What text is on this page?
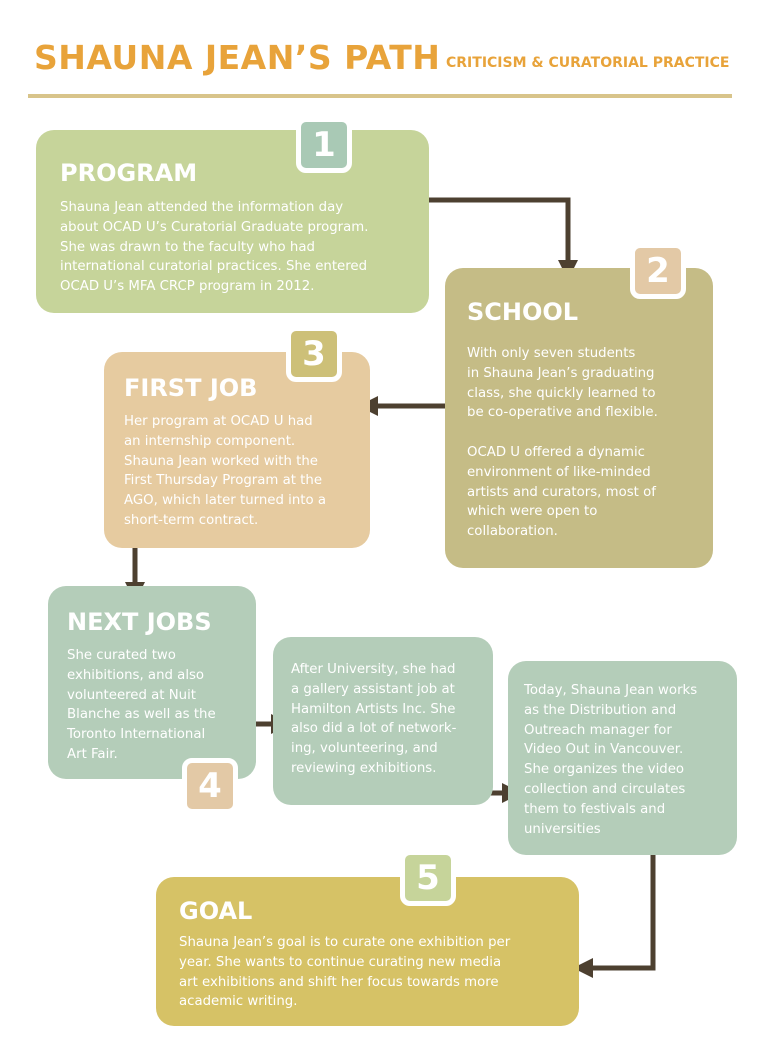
SHAUNA JEAN’S PATH CRITICISM & CURATORIAL PRACTICE
PROGRAM

Shauna Jean attended the information day
about OCAD U’s Curatorial Graduate program.
She was drawn to the faculty who had
international curatorial practices. She entered
OCAD U’s MFA CRCP program in 2012.

1
SCHOOL

With only seven students
in Shauna Jean’s graduating
class, she quickly learned to
be co-operative and flexible.

OCAD U offered a dynamic
environment of like-minded
artists and curators, most of
which were open to
collaboration.

2
FIRST JOB

Her program at OCAD U had
an internship component.
Shauna Jean worked with the
First Thursday Program at the
AGO, which later turned into a
short-term contract.

3
NEXT JOBS

She curated two
exhibitions, and also
volunteered at Nuit
Blanche as well as the
Toronto International
Art Fair.

4

After University, she had
a gallery assistant job at
Hamilton Artists Inc. She
also did a lot of network-
ing, volunteering, and
reviewing exhibitions.

Today, Shauna Jean works
as the Distribution and
Outreach manager for
Video Out in Vancouver.
She organizes the video
collection and circulates
them to festivals and
universities

GOAL

Shauna Jean’s goal is to curate one exhibition per
year. She wants to continue curating new media
art exhibitions and shift her focus towards more
academic writing.

5
